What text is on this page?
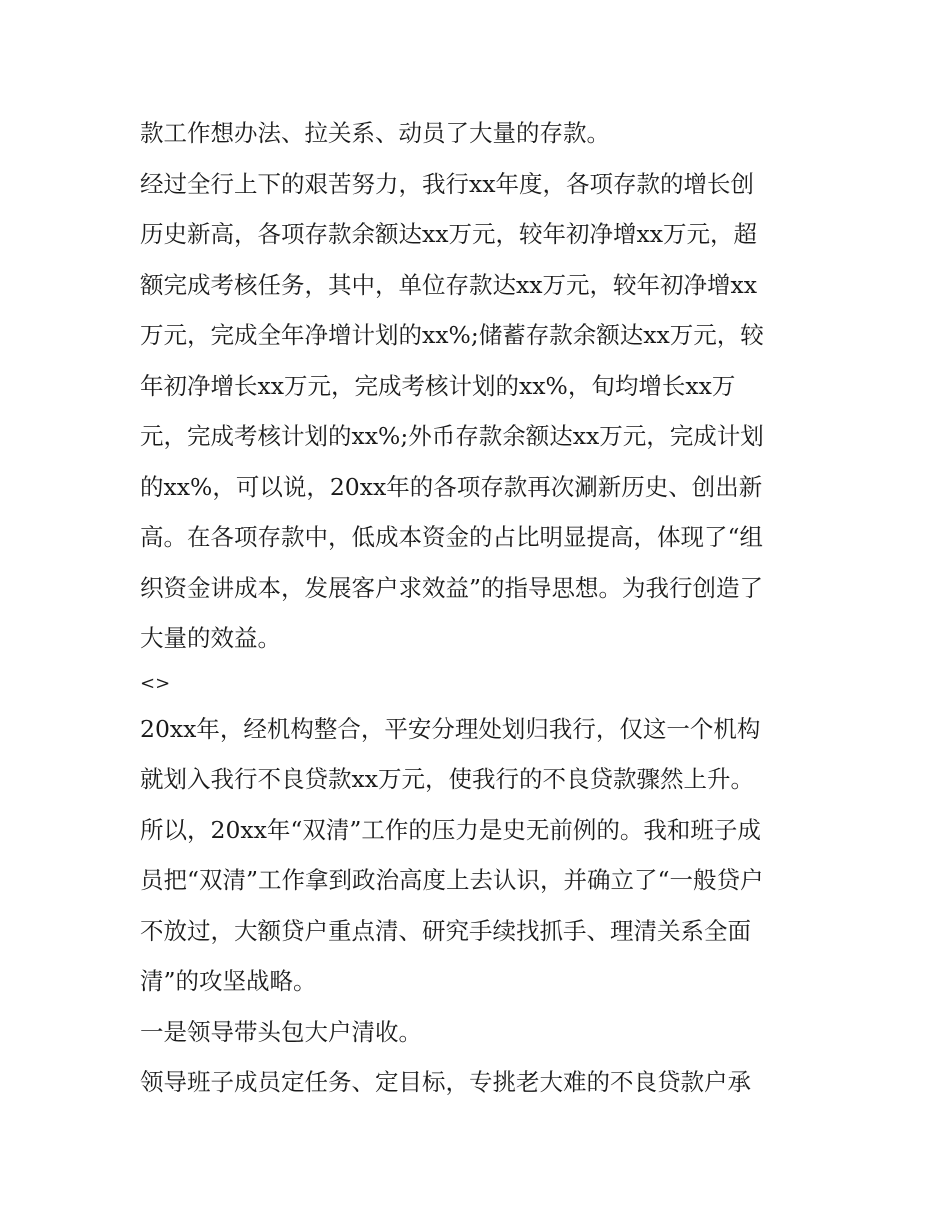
款工作想办法、拉关系、动员了大量的存款。
经过全行上下的艰苦努力，我行xx年度，各项存款的增长创
历史新高，各项存款余额达xx万元，较年初净增xx万元，超
额完成考核任务，其中，单位存款达xx万元，较年初净增xx
万元，完成全年净增计划的xx%;储蓄存款余额达xx万元，较
年初净增长xx万元，完成考核计划的xx%，旬均增长xx万
元，完成考核计划的xx%;外币存款余额达xx万元，完成计划
的xx%，可以说，20xx年的各项存款再次涮新历史、创出新
高。在各项存款中，低成本资金的占比明显提高，体现了“组
织资金讲成本，发展客户求效益”的指导思想。为我行创造了
大量的效益。
<>
20xx年，经机构整合，平安分理处划归我行，仅这一个机构
就划入我行不良贷款xx万元，使我行的不良贷款骤然上升。
所以，20xx年“双清”工作的压力是史无前例的。我和班子成
员把“双清”工作拿到政治高度上去认识，并确立了“一般贷户
不放过，大额贷户重点清、研究手续找抓手、理清关系全面
清”的攻坚战略。
一是领导带头包大户清收。
领导班子成员定任务、定目标，专挑老大难的不良贷款户承
